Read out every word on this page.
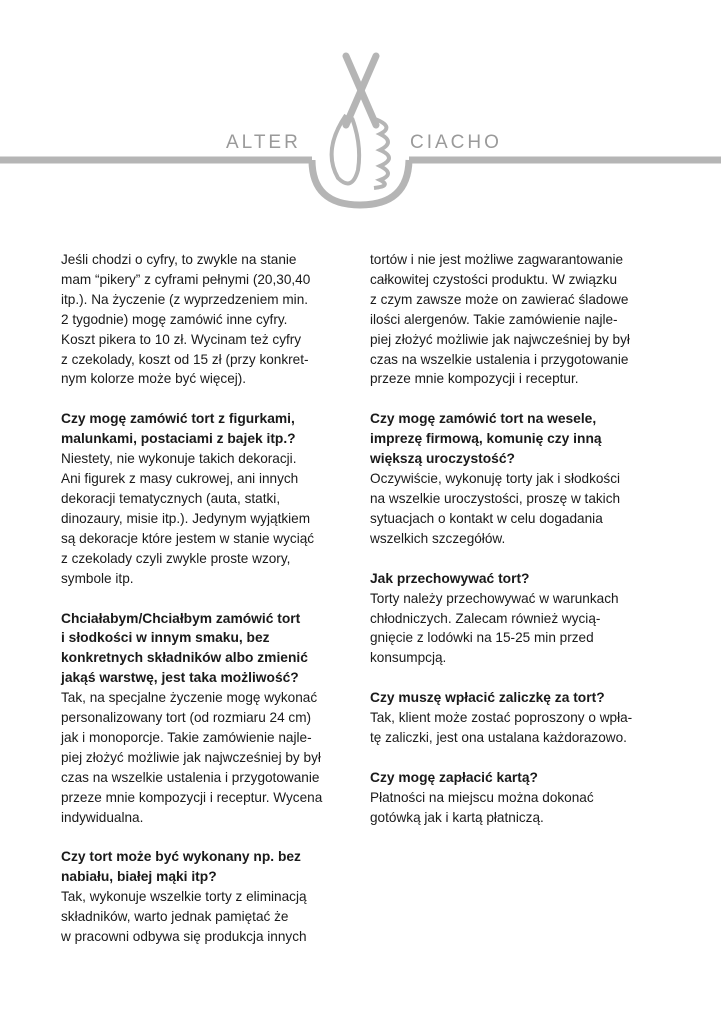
ALTER	CIACHO

Jeśli chodzi o cyfry, to zwykle na stanie
mam “pikery” z cyframi pełnymi (20,30,40
itp.). Na życzenie (z wyprzedzeniem min.
2 tygodnie) mogę zamówić inne cyfry.
Koszt pikera to 10 zł. Wycinam też cyfry
z czekolady, koszt od 15 zł (przy konkret-
nym kolorze może być więcej).

Czy mogę zamówić tort z figurkami,
malunkami, postaciami z bajek itp.?
Niestety, nie wykonuje takich dekoracji.
Ani figurek z masy cukrowej, ani innych
dekoracji tematycznych (auta, statki,
dinozaury, misie itp.). Jedynym wyjątkiem
są dekoracje które jestem w stanie wyciąć
z czekolady czyli zwykle proste wzory,
symbole itp.
Chciałabym/Chciałbym zamówić tort
i słodkości w innym smaku, bez
konkretnych składników albo zmienić
jakąś warstwę, jest taka możliwość?
Tak, na specjalne życzenie mogę wykonać
personalizowany tort (od rozmiaru 24 cm)
jak i monoporcje. Takie zamówienie najle-
piej złożyć możliwie jak najwcześniej by był
czas na wszelkie ustalenia i przygotowanie
przeze mnie kompozycji i receptur. Wycena
indywidualna.
Czy tort może być wykonany np. bez
nabiału, białej mąki itp?
Tak, wykonuje wszelkie torty z eliminacją
składników, warto jednak pamiętać że
w pracowni odbywa się produkcja innych

tortów i nie jest możliwe zagwarantowanie
całkowitej czystości produktu. W związku
z czym zawsze może on zawierać śladowe
ilości alergenów. Takie zamówienie najle-
piej złożyć możliwie jak najwcześniej by był
czas na wszelkie ustalenia i przygotowanie
przeze mnie kompozycji i receptur.

Czy mogę zamówić tort na wesele,
imprezę firmową, komunię czy inną
większą uroczystość?
Oczywiście, wykonuję torty jak i słodkości
na wszelkie uroczystości, proszę w takich
sytuacjach o kontakt w celu dogadania
wszelkich szczegółów.
Jak przechowywać tort?
Torty należy przechowywać w warunkach
chłodniczych. Zalecam również wycią-
gnięcie z lodówki na 15-25 min przed
konsumpcją.
Czy muszę wpłacić zaliczkę za tort?
Tak, klient może zostać poproszony o wpła-
tę zaliczki, jest ona ustalana każdorazowo.
Czy mogę zapłacić kartą?
Płatności na miejscu można dokonać
gotówką jak i kartą płatniczą.
